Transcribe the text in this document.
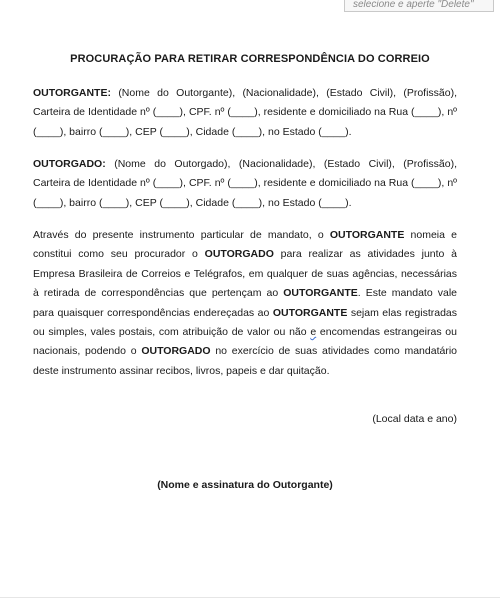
selecione e aperte "Delete"
PROCURAÇÃO PARA RETIRAR CORRESPONDÊNCIA DO CORREIO

OUTORGANTE: (Nome do Outorgante), (Nacionalidade), (Estado Civil), (Profissão), Carteira de Identidade nº (____), CPF. nº (____), residente e domiciliado na Rua (____), nº (____), bairro (____), CEP (____), Cidade (____), no Estado (____).

OUTORGADO: (Nome do Outorgado), (Nacionalidade), (Estado Civil), (Profissão), Carteira de Identidade nº (____), CPF. nº (____), residente e domiciliado na Rua (____), nº (____), bairro (____), CEP (____), Cidade (____), no Estado (____).

Através do presente instrumento particular de mandato, o OUTORGANTE nomeia e constitui como seu procurador o OUTORGADO para realizar as atividades junto à Empresa Brasileira de Correios e Telégrafos, em qualquer de suas agências, necessárias à retirada de correspondências que pertençam ao OUTORGANTE. Este mandato vale para quaisquer correspondências endereçadas ao OUTORGANTE sejam elas registradas ou simples, vales postais, com atribuição de valor ou não e encomendas estrangeiras ou nacionais, podendo o OUTORGADO no exercício de suas atividades como mandatário deste instrumento assinar recibos, livros, papeis e dar quitação.

(Local data e ano)
(Nome e assinatura do Outorgante)
